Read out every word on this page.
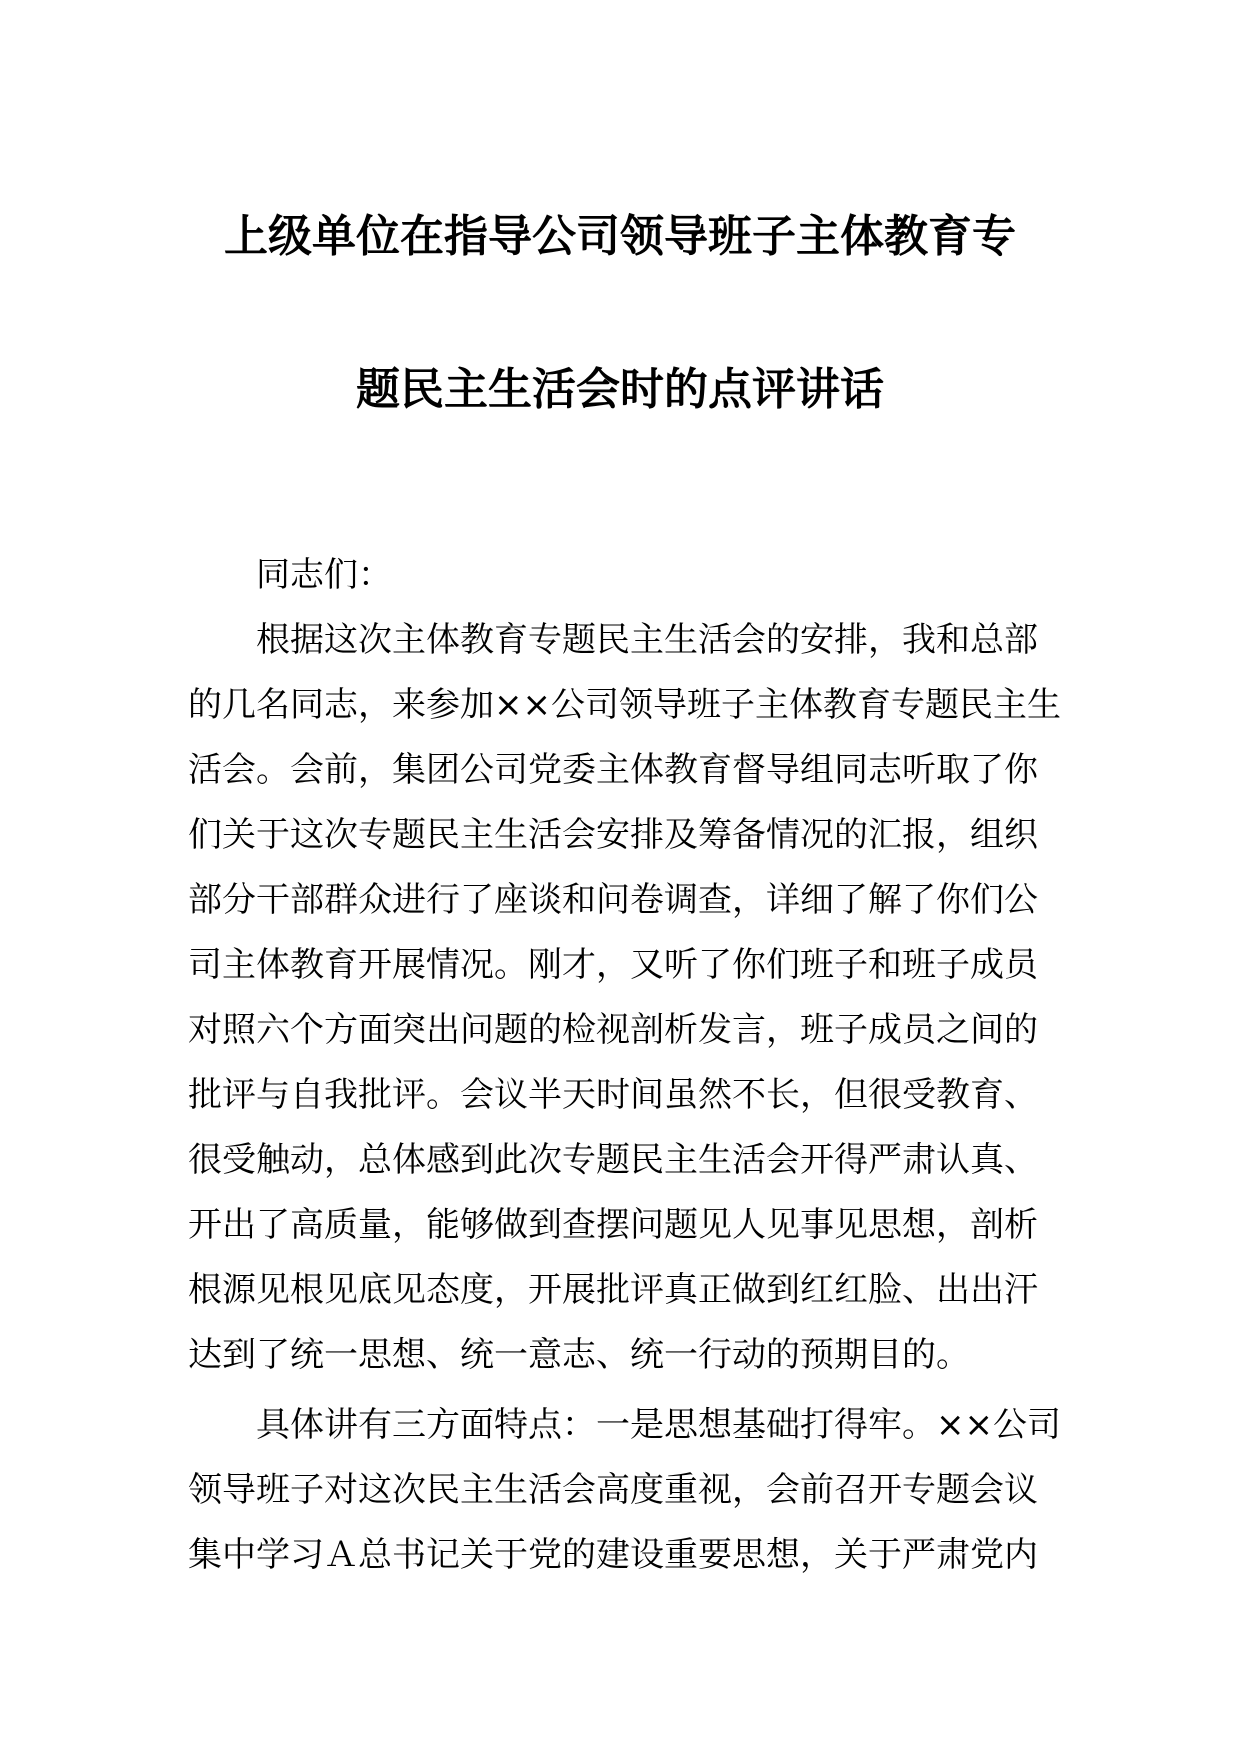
上级单位在指导公司领导班子主体教育专
题民主生活会时的点评讲话
同志们：
根据这次主体教育专题民主生活会的安排，我和总部
的几名同志，来参加××公司领导班子主体教育专题民主生
活会。会前，集团公司党委主体教育督导组同志听取了你
们关于这次专题民主生活会安排及筹备情况的汇报，组织
部分干部群众进行了座谈和问卷调查，详细了解了你们公
司主体教育开展情况。刚才，又听了你们班子和班子成员
对照六个方面突出问题的检视剖析发言，班子成员之间的
批评与自我批评。会议半天时间虽然不长，但很受教育、
很受触动，总体感到此次专题民主生活会开得严肃认真、
开出了高质量，能够做到查摆问题见人见事见思想，剖析
根源见根见底见态度，开展批评真正做到红红脸、出出汗
达到了统一思想、统一意志、统一行动的预期目的。
具体讲有三方面特点：一是思想基础打得牢。××公司
领导班子对这次民主生活会高度重视，会前召开专题会议
集中学习Ａ总书记关于党的建设重要思想，关于严肃党内
